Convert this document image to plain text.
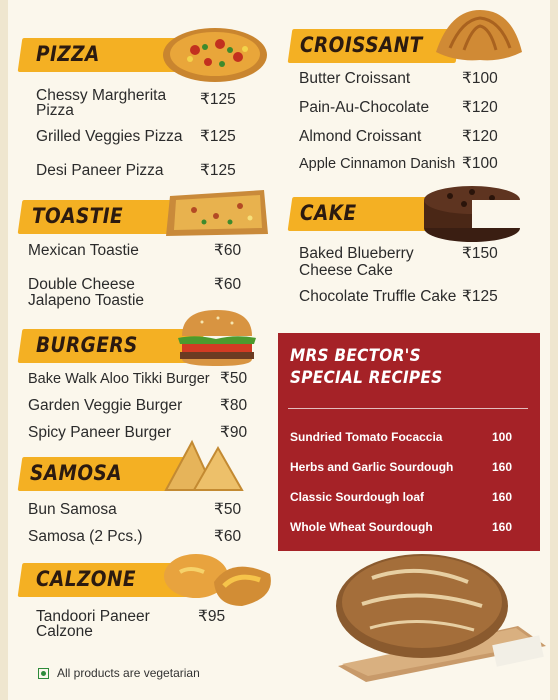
PIZZA
Chessy Margherita
Pizza
₹125
Grilled Veggies Pizza ₹125
Desi Paneer Pizza ₹125
CROISSANT
Butter Croissant	₹100
Pain-Au-Chocolate ₹120
Almond Croissant	₹120
Apple Cinnamon Danish ₹100
TOASTIE
Mexican Toastie	₹60
Double Cheese
Jalapeno Toastie
₹60
CAKE
Baked Blueberry
Cheese Cake
₹150
Chocolate Truffle Cake ₹125
BURGERS
Bake Walk Aloo Tikki Burger ₹50
Garden Veggie Burger ₹80
Spicy Paneer Burger	₹90
SAMOSA
Bun Samosa	₹50
Samosa (2 Pcs.)	₹60
CALZONE
Tandoori Paneer
Calzone
₹95
MRS BECTOR'S
SPECIAL RECIPES
Sundried Tomato Focaccia	100
Herbs and Garlic Sourdough	160
Classic Sourdough loaf	160
Whole Wheat Sourdough	160
All products are vegetarian
